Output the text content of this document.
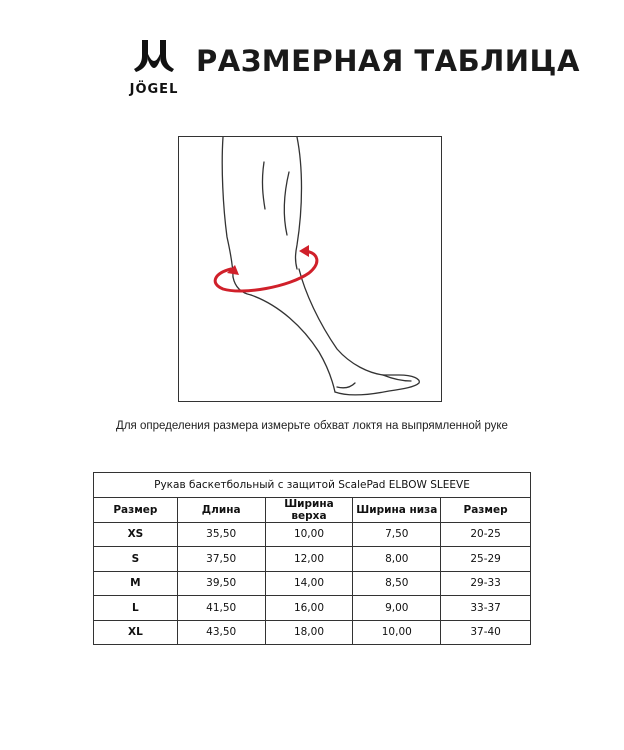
JÖGEL
РАЗМЕРНАЯ ТАБЛИЦА
Для определения размера измерьте обхват локтя на выпрямленной руке
Рукав баскетбольный с защитой ScalePad ELBOW SLEEVE				
Размер	Длина	Ширина верха	Ширина низа	Размер
XS	35,50	10,00	7,50	20-25
S	37,50	12,00	8,00	25-29
M	39,50	14,00	8,50	29-33
L	41,50	16,00	9,00	33-37
XL	43,50	18,00	10,00	37-40
